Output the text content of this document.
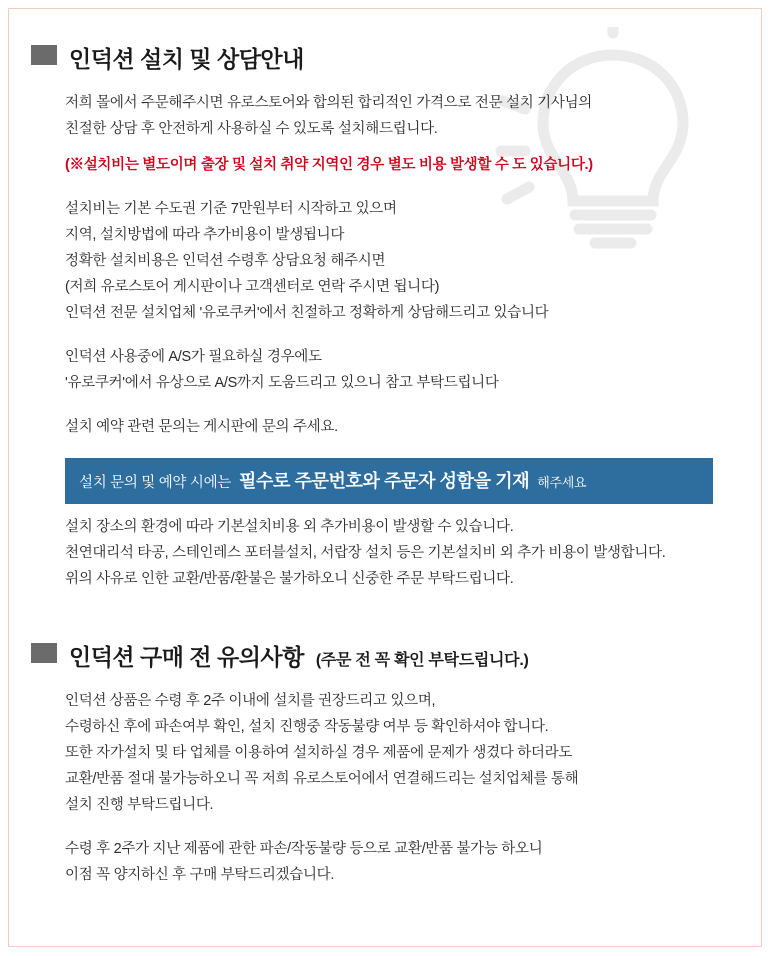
인덕션 설치 및 상담안내
저희 몰에서 주문해주시면 유로스토어와 합의된 합리적인 가격으로 전문 설치 기사님의
친절한 상담 후 안전하게 사용하실 수 있도록 설치해드립니다.
(※설치비는 별도이며 출장 및 설치 취약 지역인 경우 별도 비용 발생할 수 도 있습니다.)
설치비는 기본 수도권 기준 7만원부터 시작하고 있으며
지역, 설치방법에 따라 추가비용이 발생됩니다
정확한 설치비용은 인덕션 수령후 상담요청 해주시면
(저희 유로스토어 게시판이나 고객센터로 연락 주시면 됩니다)
인덕션 전문 설치업체 '유로쿠커'에서 친절하고 정확하게 상담해드리고 있습니다
인덕션 사용중에 A/S가 필요하실 경우에도
'유로쿠커'에서 유상으로 A/S까지 도움드리고 있으니 참고 부탁드립니다
설치 예약 관련 문의는 게시판에 문의 주세요.
설치 문의 및 예약 시에는 필수로 주문번호와 주문자 성함을 기재 해주세요
설치 장소의 환경에 따라 기본설치비용 외 추가비용이 발생할 수 있습니다.
천연대리석 타공, 스테인레스 포터블설치, 서랍장 설치 등은 기본설치비 외 추가 비용이 발생합니다.
위의 사유로 인한 교환/반품/환불은 불가하오니 신중한 주문 부탁드립니다.
인덕션 구매 전 유의사항 (주문 전 꼭 확인 부탁드립니다.)
인덕션 상품은 수령 후 2주 이내에 설치를 권장드리고 있으며,
수령하신 후에 파손여부 확인, 설치 진행중 작동불량 여부 등 확인하셔야 합니다.
또한 자가설치 및 타 업체를 이용하여 설치하실 경우 제품에 문제가 생겼다 하더라도
교환/반품 절대 불가능하오니 꼭 저희 유로스토어에서 연결해드리는 설치업체를 통해
설치 진행 부탁드립니다.
수령 후 2주가 지난 제품에 관한 파손/작동불량 등으로 교환/반품 불가능 하오니
이점 꼭 양지하신 후 구매 부탁드리겠습니다.
